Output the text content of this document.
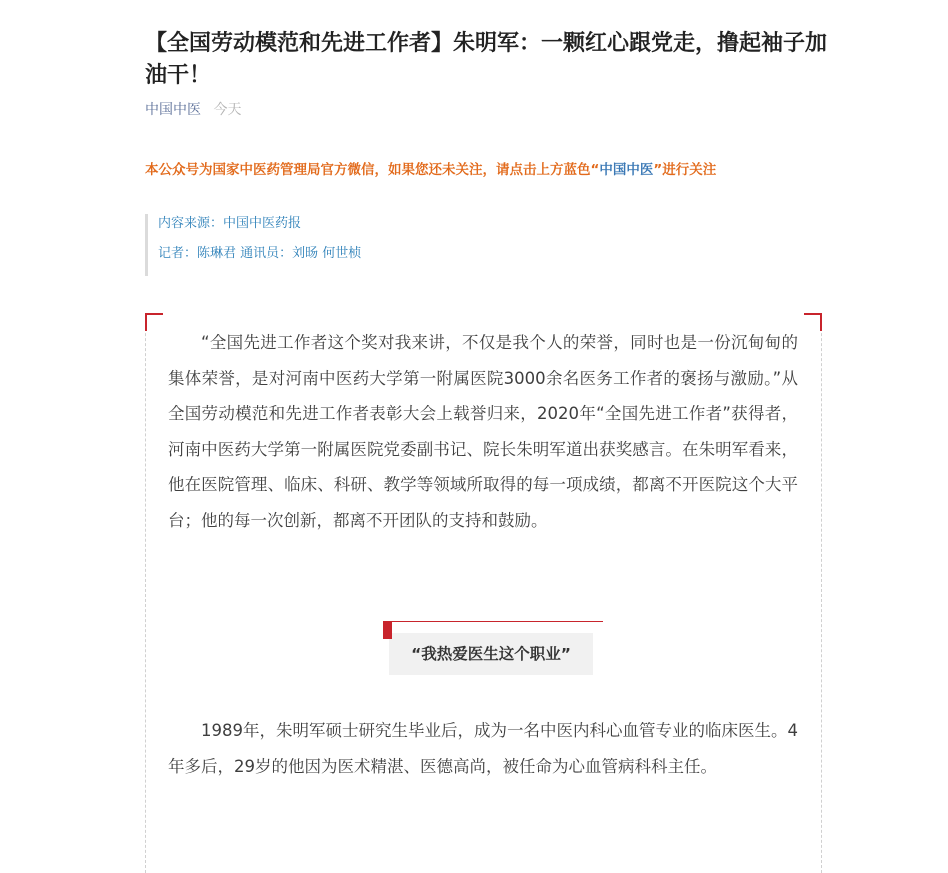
【全国劳动模范和先进工作者】朱明军：一颗红心跟党走，撸起袖子加油干！
中国中医 今天
本公众号为国家中医药管理局官方微信，如果您还未关注，请点击上方蓝色“中国中医”进行关注

内容来源：中国中医药报

记者：陈琳君 通讯员：刘旸 何世桢

“全国先进工作者这个奖对我来讲，不仅是我个人的荣誉，同时也是一份沉甸甸的集体荣誉，是对河南中医药大学第一附属医院3000余名医务工作者的褒扬与激励。”从全国劳动模范和先进工作者表彰大会上载誉归来，2020年“全国先进工作者”获得者，河南中医药大学第一附属医院党委副书记、院长朱明军道出获奖感言。在朱明军看来，他在医院管理、临床、科研、教学等领域所取得的每一项成绩，都离不开医院这个大平台；他的每一次创新，都离不开团队的支持和鼓励。

“我热爱医生这个职业”

1989年，朱明军硕士研究生毕业后，成为一名中医内科心血管专业的临床医生。4年多后，29岁的他因为医术精湛、医德高尚，被任命为心血管病科科主任。
